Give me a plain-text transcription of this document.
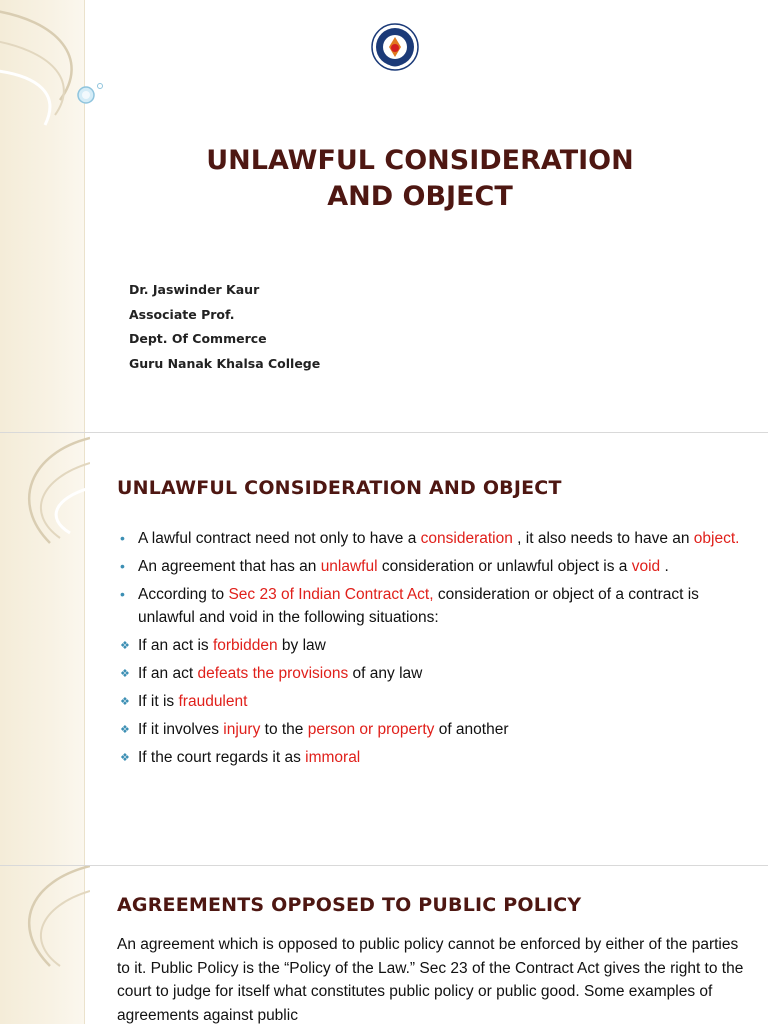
UNLAWFUL CONSIDERATION
AND OBJECT
Dr. Jaswinder Kaur
Associate Prof.
Dept. Of Commerce
Guru Nanak Khalsa College
UNLAWFUL CONSIDERATION AND OBJECT
• A lawful contract need not only to have a consideration , it also needs to have an object.
• An agreement that has an unlawful consideration or unlawful object is a void .
• According to Sec 23 of Indian Contract Act, consideration or object of a contract is unlawful and void in the following situations:
❖ If an act is forbidden by law
❖ If an act defeats the provisions of any law
❖ If it is fraudulent
❖ If it involves injury to the person or property of another
❖ If the court regards it as immoral
AGREEMENTS OPPOSED TO PUBLIC POLICY
An agreement which is opposed to public policy cannot be enforced by either of the parties to it. Public Policy is the “Policy of the Law.” Sec 23 of the Contract Act gives the right to the court to judge for itself what constitutes public policy or public good. Some examples of agreements against public
